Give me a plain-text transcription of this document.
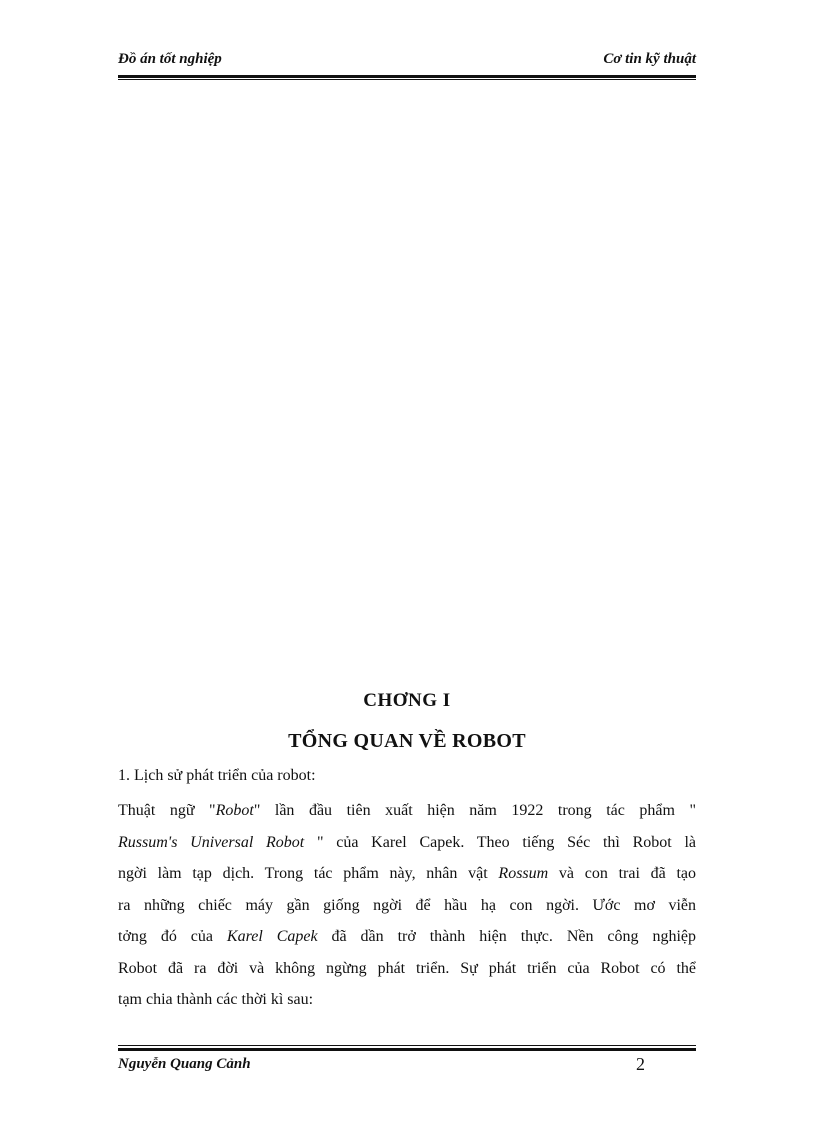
Đồ án tốt nghiệp	Cơ tin kỹ thuật
CHƠNG I
TỔNG QUAN VỀ ROBOT
1. Lịch sử phát triển của robot:
Thuật ngữ "Robot" lần đầu tiên xuất hiện năm 1922 trong tác phẩm "
Russum's Universal Robot " của Karel Capek. Theo tiếng Séc thì Robot là
ngời làm tạp dịch. Trong tác phẩm này, nhân vật Rossum và con trai đã tạo
ra những chiếc máy gần giống ngời để hầu hạ con ngời. Ước mơ viễn
tởng đó của Karel Capek đã dần trở thành hiện thực. Nền công nghiệp
Robot đã ra đời và không ngừng phát triển. Sự phát triển của Robot có thể
tạm chia thành các thời kì sau:
Nguyễn Quang Cảnh	2
